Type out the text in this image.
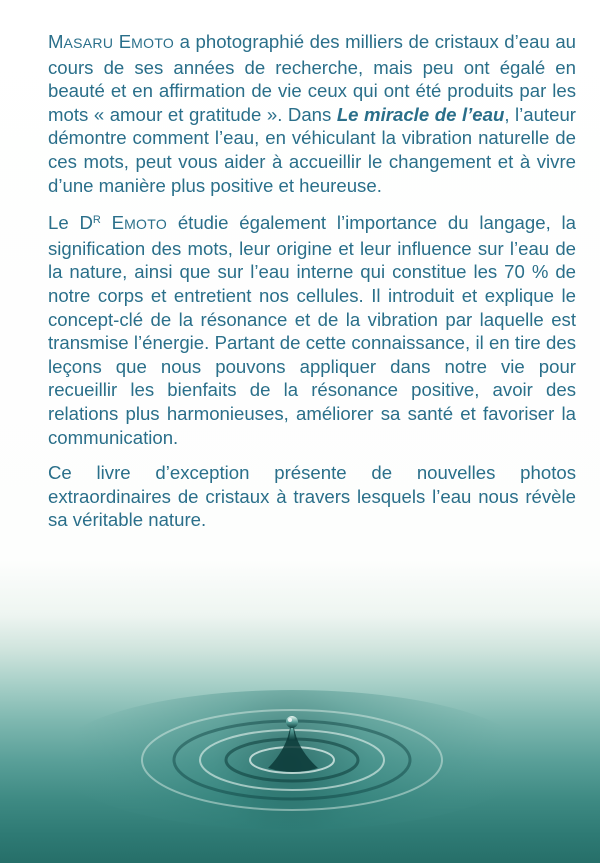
MASARU EMOTO a photographié des milliers de cristaux d’eau au cours de ses années de recherche, mais peu ont égalé en beauté et en affirmation de vie ceux qui ont été produits par les mots « amour et gratitude ». Dans Le miracle de l’eau, l’auteur démontre comment l’eau, en véhiculant la vibration naturelle de ces mots, peut vous aider à accueillir le changement et à vivre d’une manière plus positive et heureuse.

Le $D^R$ EMOTO étudie également l’importance du langage, la signification des mots, leur origine et leur influence sur l’eau de la nature, ainsi que sur l’eau interne qui constitue les 70 % de notre corps et entretient nos cellules. Il introduit et explique le concept-clé de la résonance et de la vibration par laquelle est transmise l’énergie. Partant de cette connaissance, il en tire des leçons que nous pouvons appliquer dans notre vie pour recueillir les bienfaits de la résonance positive, avoir des relations plus harmonieuses, améliorer sa santé et favoriser la communication.

Ce livre d’exception présente de nouvelles photos extraordinaires de cristaux à travers lesquels l’eau nous révèle sa véritable nature.
